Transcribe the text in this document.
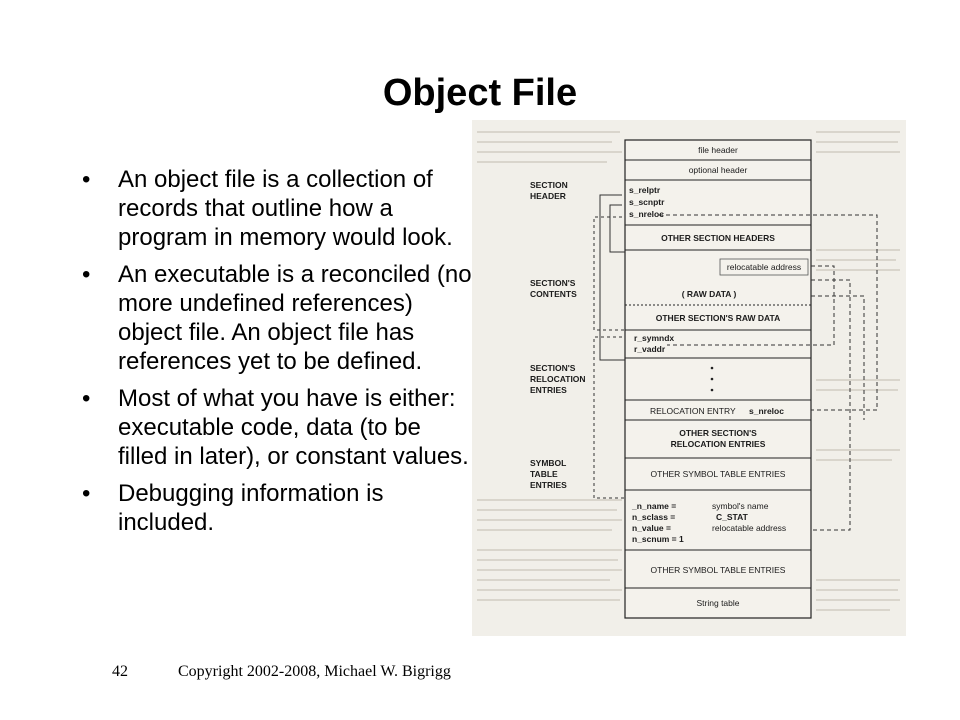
Object File
•	An object file is a collection of records that outline how a program in memory would look.
•	An executable is a reconciled (no more undefined references) object file. An object file has references yet to be defined.
•	Most of what you have is either: executable code, data (to be filled in later), or constant values.
•	Debugging information is included.
SECTION
HEADER
SECTION'S
CONTENTS
SECTION'S
RELOCATION
ENTRIES
SYMBOL
TABLE
ENTRIES
file header
optional header
s_relptr
s_scnptr
s_nreloc
OTHER SECTION HEADERS
relocatable address
( RAW DATA )
OTHER SECTION'S RAW DATA
r_symndx
r_vaddr
RELOCATION ENTRY s_nreloc
OTHER SECTION'S
RELOCATION ENTRIES
OTHER SYMBOL TABLE ENTRIES
_n_name =
n_sclass =
n_value =
n_scnum = 1
symbol's name
C_STAT
relocatable address
OTHER SYMBOL TABLE ENTRIES
String table
42	Copyright 2002-2008, Michael W. Bigrigg
